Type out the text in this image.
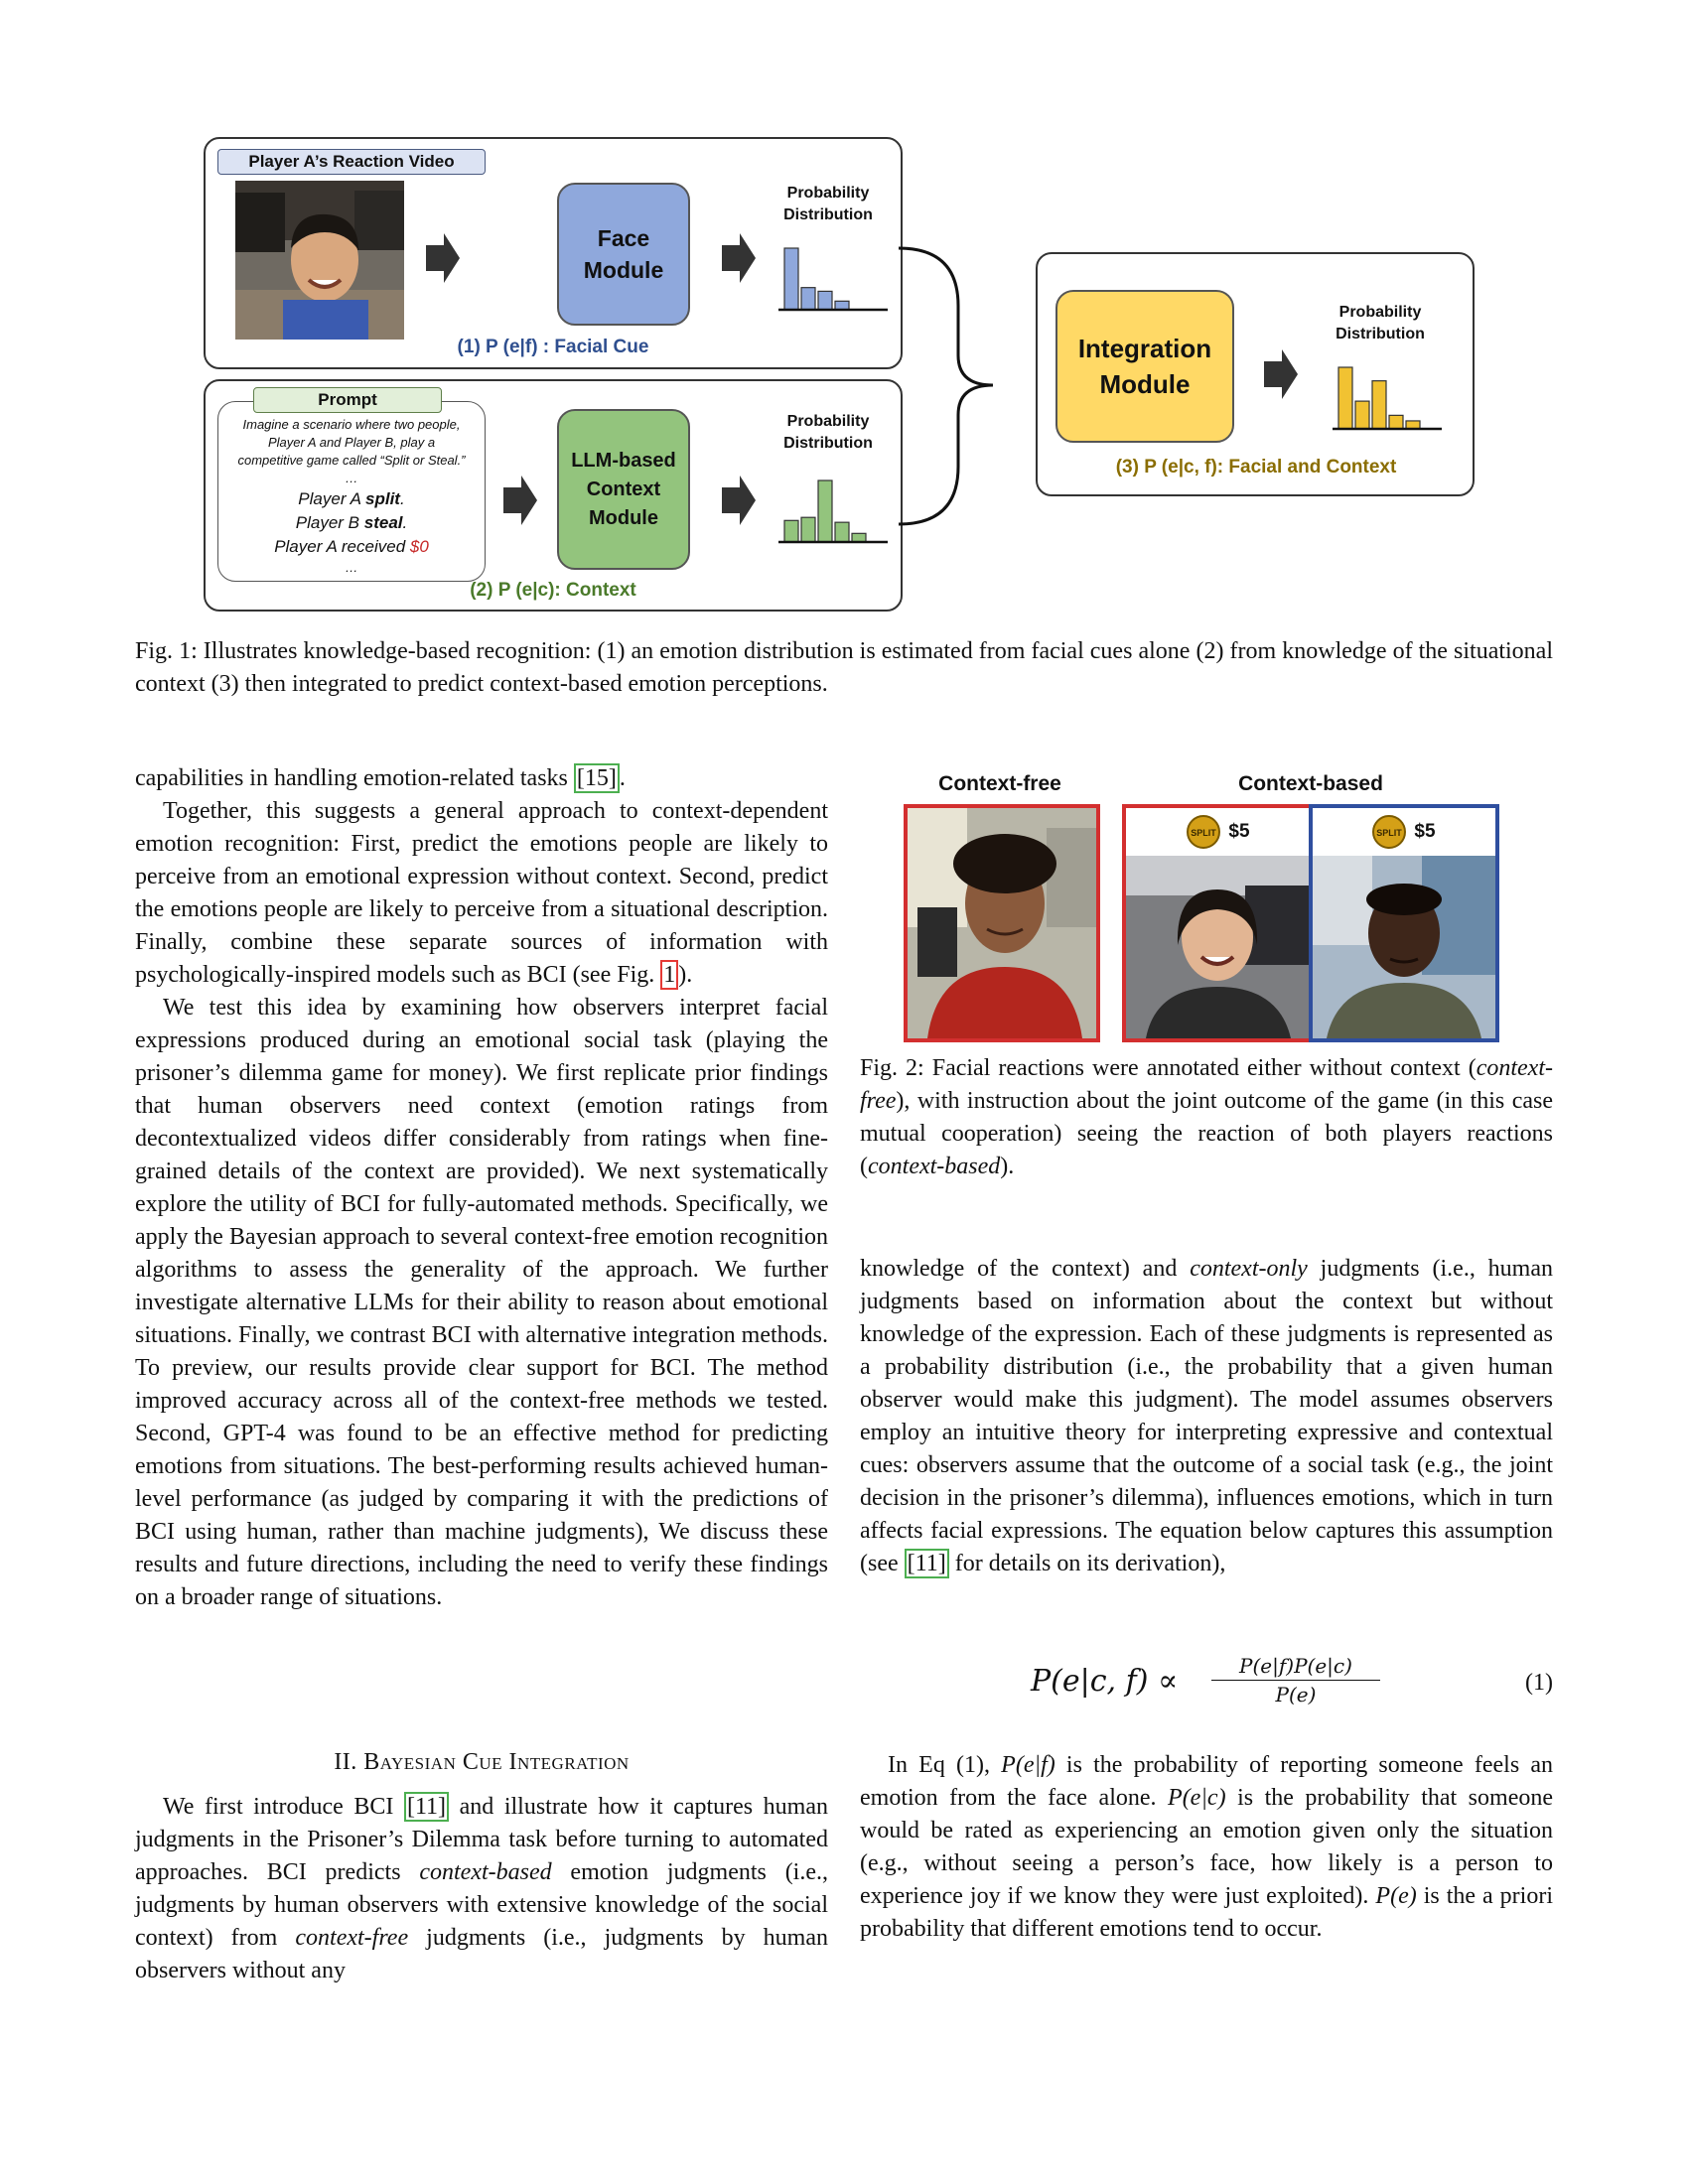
Player A’s Reaction Video
Face
Module
Probability
Distribution
(1) P (e|f) : Facial Cue
Imagine a scenario where two people,
Player A and Player B, play a
competitive game called “Split or Steal.”
…
Player A split.
Player B steal.
Player A received $0
…
Prompt
LLM-based
Context
Module
Probability
Distribution
(2) P (e|c): Context
Integration
Module
Probability
Distribution
(3) P (e|c, f): Facial and Context
Fig. 1: Illustrates knowledge-based recognition: (1) an emotion distribution is estimated from facial cues alone (2) from knowledge of the situational context (3) then integrated to predict context-based emotion perceptions.

capabilities in handling emotion-related tasks [15] .

Together, this suggests a general approach to context-dependent emotion recognition: First, predict the emotions people are likely to perceive from an emotional expression without context. Second, predict the emotions people are likely to perceive from a situational description. Finally, combine these separate sources of information with psychologically-inspired models such as BCI (see Fig. 1 ).

We test this idea by examining how observers interpret facial expressions produced during an emotional social task (playing the prisoner’s dilemma game for money). We first replicate prior findings that human observers need context (emotion ratings from decontextualized videos differ considerably from ratings when fine-grained details of the context are provided). We next systematically explore the utility of BCI for fully-automated methods. Specifically, we apply the Bayesian approach to several context-free emotion recognition algorithms to assess the generality of the approach. We further investigate alternative LLMs for their ability to reason about emotional situations. Finally, we contrast BCI with alternative integration methods. To preview, our results provide clear support for BCI. The method improved accuracy across all of the context-free methods we tested. Second, GPT-4 was found to be an effective method for predicting emotions from situations. The best-performing results achieved human-level performance (as judged by comparing it with the predictions of BCI using human, rather than machine judgments), We discuss these results and future directions, including the need to verify these findings on a broader range of situations.

II. Bayesian Cue Integration

We first introduce BCI [11] and illustrate how it captures human judgments in the Prisoner’s Dilemma task before turning to automated approaches. BCI predicts context-based emotion judgments (i.e., judgments by human observers with extensive knowledge of the social context) from context-free judgments (i.e., judgments by human observers without any

Context-free	Context-based
SPLIT $5	SPLIT $5
Fig. 2: Facial reactions were annotated either without context (context-free), with instruction about the joint outcome of the game (in this case mutual cooperation) seeing the reaction of both players reactions (context-based).

knowledge of the context) and context-only judgments (i.e., human judgments based on information about the context but without knowledge of the expression. Each of these judgments is represented as a probability distribution (i.e., the probability that a given human observer would make this judgment). The model assumes observers employ an intuitive theory for interpreting expressive and contextual cues: observers assume that the outcome of a social task (e.g., the joint decision in the prisoner’s dilemma), influences emotions, which in turn affects facial expressions. The equation below captures this assumption (see [11] for details on its derivation),

P(e|c, $f) \propto \frac{P(e|f)P(e|c)}{P(e)}$	(1)

In Eq (1), P(e|f) is the probability of reporting someone feels an emotion from the face alone. P(e|c) is the probability that someone would be rated as experiencing an emotion given only the situation (e.g., without seeing a person’s face, how likely is a person to experience joy if we know they were just exploited). P(e) is the a priori probability that different emotions tend to occur.
